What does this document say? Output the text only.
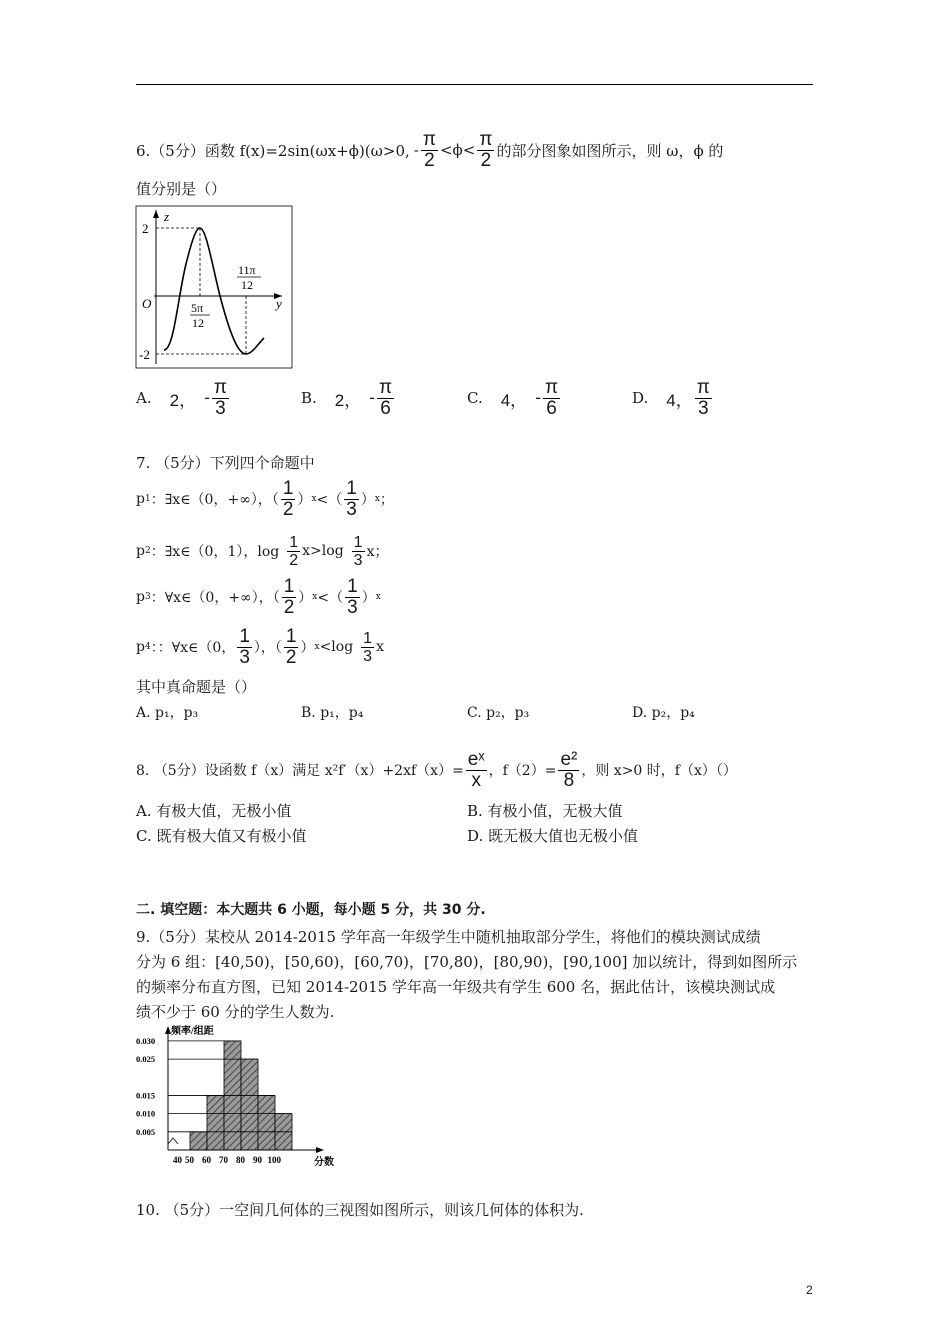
6.（5分）函数 f(x)=2sin(ωx+ϕ)(ω>0, - $\frac{\pi}{2} <\phi< \frac{\pi}{2}$ 的部分图象如图所示，则 ω，ϕ 的
值分别是（）
z
y
O
2
-2
5π
12
11π
12
A. 2， - $\frac{\pi}{3}$	B. 2， - $\frac{\pi}{6}$	C. 4， - $\frac{\pi}{6}$	D. 4， $\frac{\pi}{3}$
7. （5分）下列四个命题中
p 1 ：∃x∈（0，+∞），（ $\frac{1}{2}$ ） x <（ $\frac{1}{3}$ ） x ；
p 2 ：∃x∈（0，1），$\log \frac{1}{2} x>\log \frac{1}{3}$ x；
p 3 ：∀x∈（0，+∞），（ $\frac{1}{2}$ ） x <（ $\frac{1}{3}$ ） x
p 4 ：：∀x∈（0， $\frac{1}{3}$ ），（ $\frac{1}{2}$ ） $x <\log \frac{1}{3}$ x
其中真命题是（）
A. p₁，p₃	B. p₁，p₄	C. p₂，p₃	D. p₂，p₄
8. （5分）设函数 f（x）满足 $x^2f'(x)+2xf(x)= \frac{\text{eˣ}}{x}$ ，$f(2)= \frac{\text{e²}}{8}$ ，则 x>0 时，f（x）（）
A. 有极大值，无极小值	B. 有极小值，无极大值
C. 既有极大值又有极小值	D. 既无极大值也无极小值
二. 填空题：本大题共 6 小题，每小题 5 分，共 30 分.
9.（5分）某校从 2014-2015 学年高一年级学生中随机抽取部分学生，将他们的模块测试成绩
分为 6 组：[40,50)，[50,60)，[60,70)，[70,80)，[80,90)，[90,100] 加以统计，得到如图所示
的频率分布直方图，已知 2014-2015 学年高一年级共有学生 600 名，据此估计，该模块测试成
绩不少于 60 分的学生人数为.
频率/组距
分数
0.030
0.025
0.015
0.010
0.005
40 50 60 70 80 90 100
10. （5分）一空间几何体的三视图如图所示，则该几何体的体积为.
2
